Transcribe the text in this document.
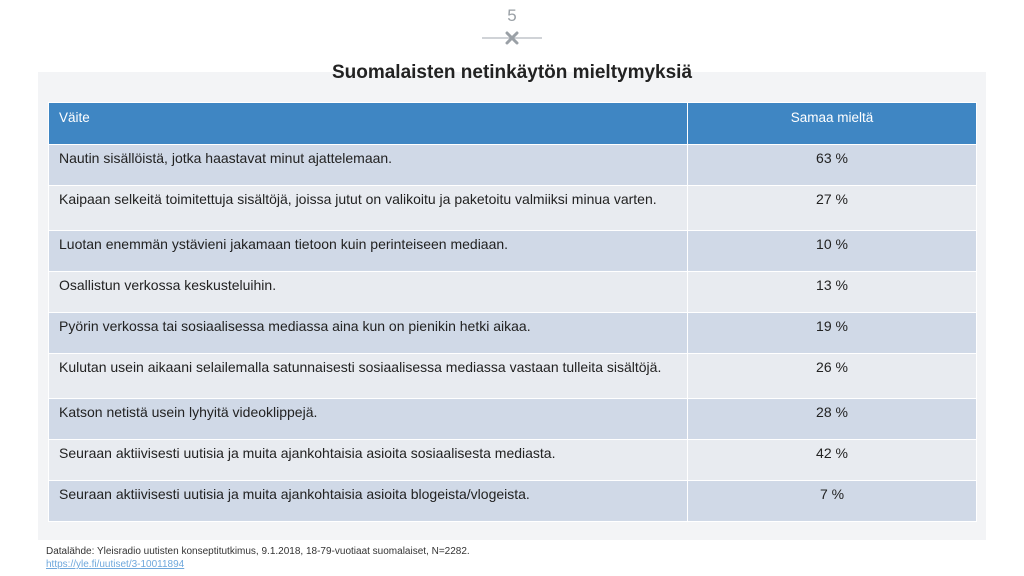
5
Suomalaisten netinkäytön mieltymyksiä
Väite	Samaa mieltä
Nautin sisällöistä, jotka haastavat minut ajattelemaan.	63 %
Kaipaan selkeitä toimitettuja sisältöjä, joissa jutut on valikoitu ja paketoitu valmiiksi minua varten.	27 %
Luotan enemmän ystävieni jakamaan tietoon kuin perinteiseen mediaan.	10 %
Osallistun verkossa keskusteluihin.	13 %
Pyörin verkossa tai sosiaalisessa mediassa aina kun on pienikin hetki aikaa.	19 %
Kulutan usein aikaani selailemalla satunnaisesti sosiaalisessa mediassa vastaan tulleita sisältöjä.	26 %
Katson netistä usein lyhyitä videoklippejä.	28 %
Seuraan aktiivisesti uutisia ja muita ajankohtaisia asioita sosiaalisesta mediasta.	42 %
Seuraan aktiivisesti uutisia ja muita ajankohtaisia asioita blogeista/vlogeista.	7 %
Datalähde: Yleisradio uutisten konseptitutkimus, 9.1.2018, 18-79-vuotiaat suomalaiset, N=2282.
https://yle.fi/uutiset/3-10011894
